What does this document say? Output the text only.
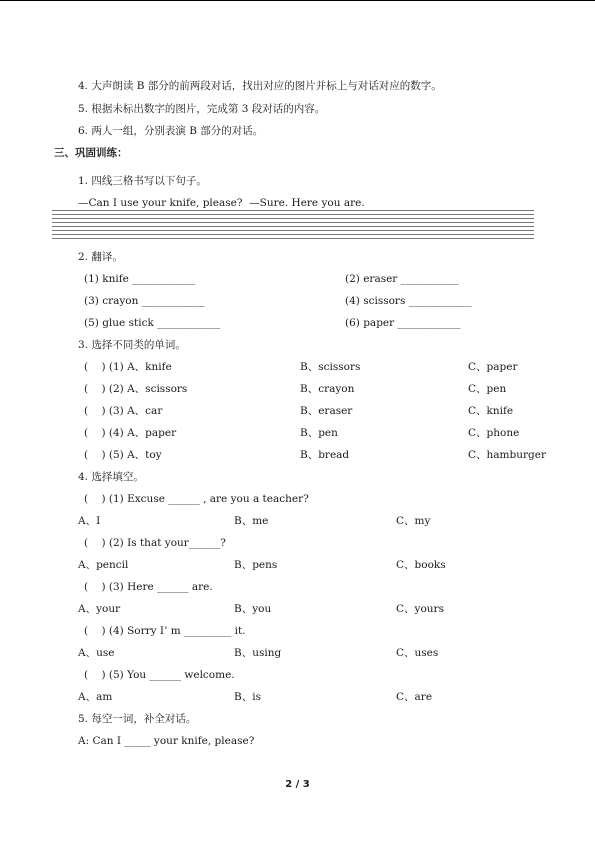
4. 大声朗读 B 部分的前两段对话，找出对应的图片并标上与对话对应的数字。
5. 根据未标出数字的图片，完成第 3 段对话的内容。
6. 两人一组，分别表演 B 部分的对话。
三、巩固训练：
1. 四线三格书写以下句子。
—Can I use your knife, please?  —Sure. Here you are.
2. 翻译。
(1) knife ____________	(2) eraser ___________
(3) crayon ____________	(4) scissors ____________
(5) glue stick ____________	(6) paper ____________
3. 选择不同类的单词。
(    ) (1) A、knife	B、scissors	C、paper
(    ) (2) A、scissors	B、crayon	C、pen
(    ) (3) A、car	B、eraser	C、knife
(    ) (4) A、paper	B、pen	C、phone
(    ) (5) A、toy	B、bread	C、hamburger
4. 选择填空。
(    ) (1) Excuse ______ , are you a teacher?
A、I	B、me	C、my
(    ) (2) Is that your______?
A、pencil	B、pens	C、books
(    ) (3) Here ______ are.
A、your	B、you	C、yours
(    ) (4) Sorry I’ m _________ it.
A、use	B、using	C、uses
(    ) (5) You ______ welcome.
A、am	B、is	C、are
5. 每空一词，补全对话。
A: Can I _____ your knife, please?
2 / 3
